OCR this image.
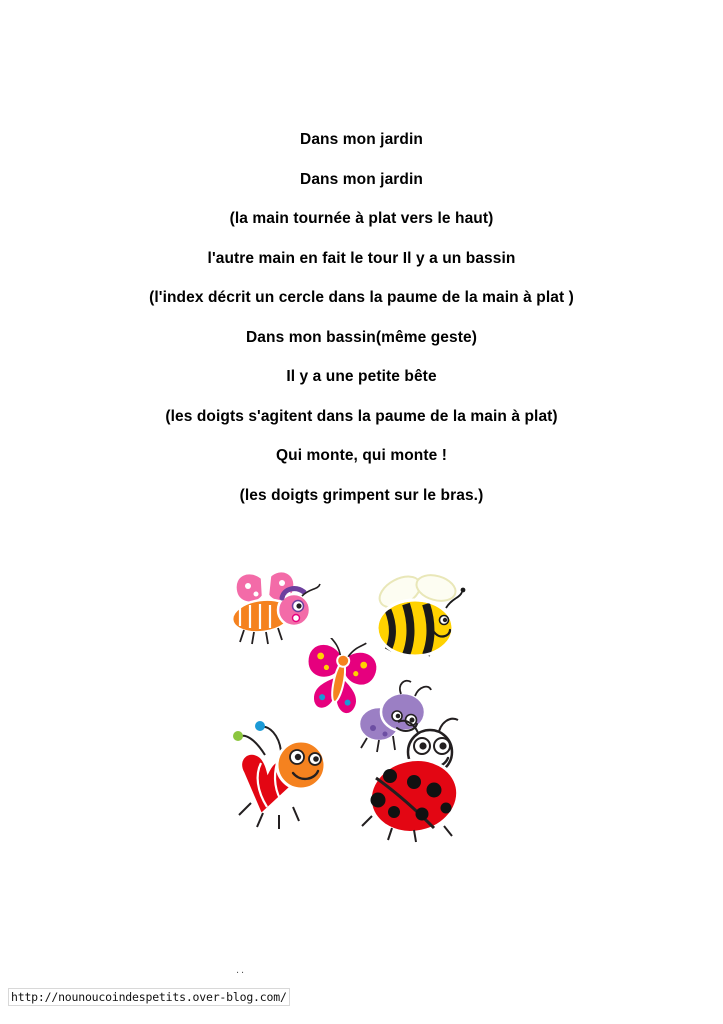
Dans mon jardin

Dans mon jardin

(la main tournée à plat vers le haut)

l'autre main en fait le tour Il y a un bassin

(l'index décrit un cercle dans la paume de la main à plat )

Dans mon bassin(même geste)

Il y a une petite bête

(les doigts s'agitent dans la paume de la main à plat)

Qui monte, qui monte !

(les doigts grimpent sur le bras.)

..
http://nounoucoindespetits.over-blog.com/
